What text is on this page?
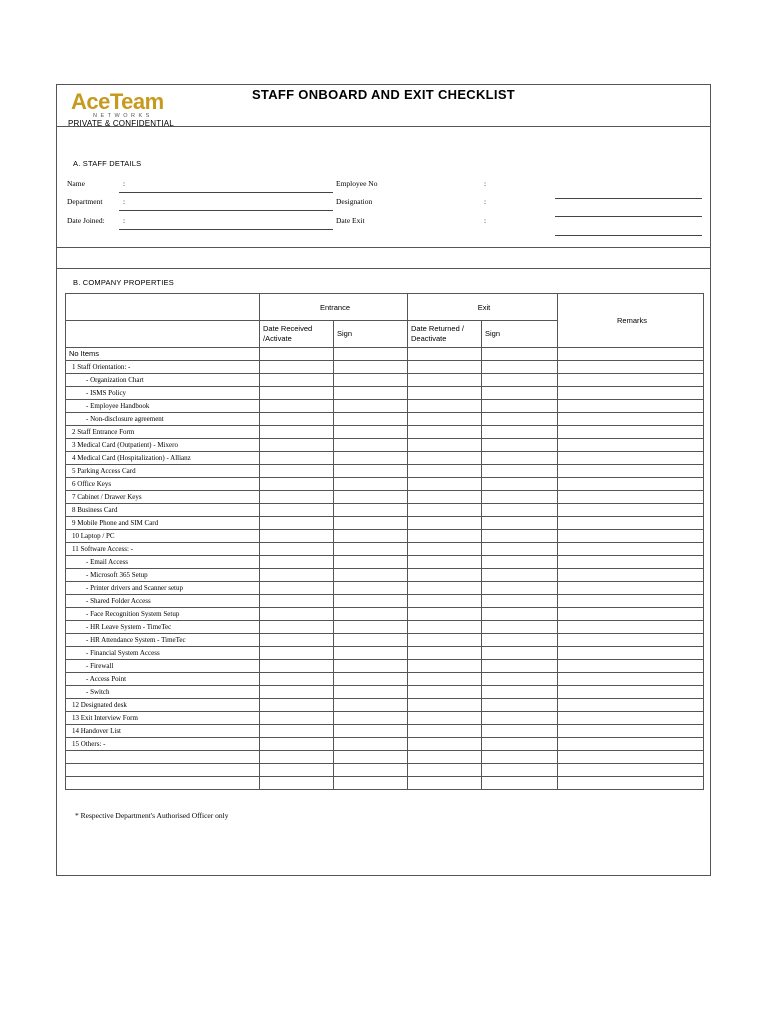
AceTeam
NETWORKS
PRIVATE & CONFIDENTIAL
STAFF ONBOARD AND EXIT CHECKLIST
A. STAFF DETAILS
Name	:
Department	:
Date Joined: :
Employee No	:
Designation	:
Date Exit	:
B. COMPANY PROPERTIES
	Entrance		Exit		Remarks
	Date Received /Activate	Sign	Date Returned / Deactivate	Sign	
No Items					
1 Staff Orientation: -					
- Organization Chart					
- ISMS Policy					
- Employee Handbook					
- Non-disclosure agreement					
2 Staff Entrance Form					
3 Medical Card (Outpatient) - Mixero					
4 Medical Card (Hospitalization) - Allianz					
5 Parking Access Card					
6 Office Keys					
7 Cabinet / Drawer Keys					
8 Business Card					
9 Mobile Phone and SIM Card					
10 Laptop / PC					
11 Software Access: -					
- Email Access					
- Microsoft 365 Setup					
- Printer drivers and Scanner setup					
- Shared Folder Access					
- Face Recognition System Setup					
- HR Leave System - TimeTec					
- HR Attendance System - TimeTec					
- Financial System Access					
- Firewall					
- Access Point					
- Switch					
12 Designated desk					
13 Exit Interview Form					
14 Handover List					
15 Others: -					

* Respective Department's Authorised Officer only
